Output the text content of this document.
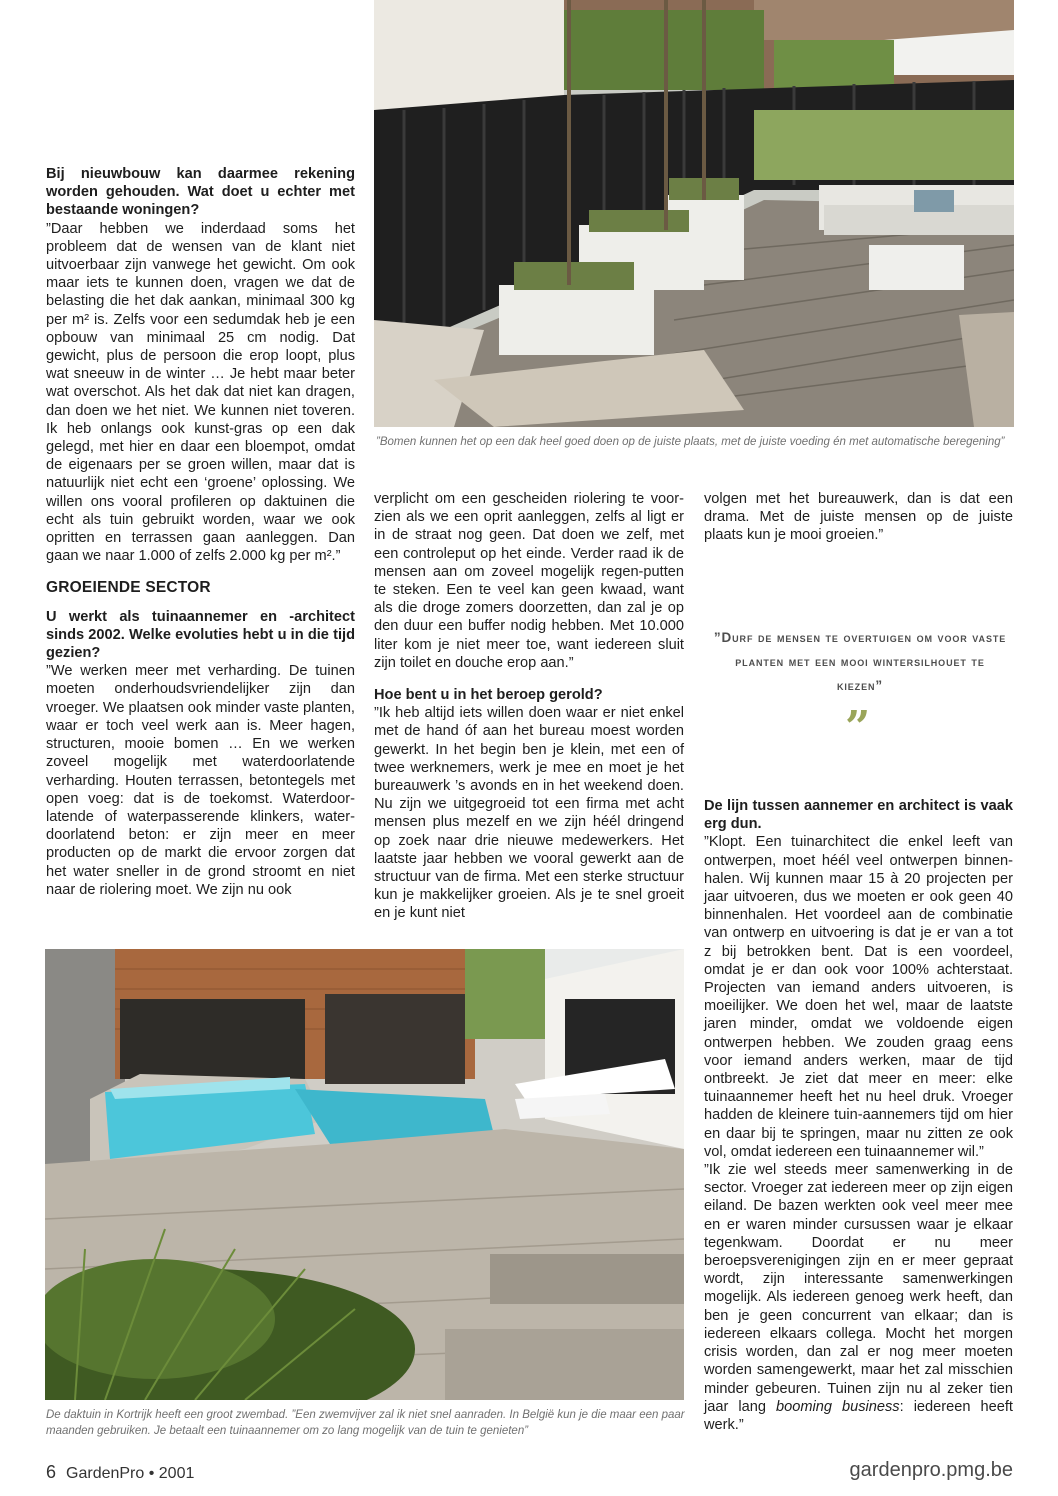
”Bomen kunnen het op een dak heel goed doen op de juiste plaats, met de juiste voeding én met automatische beregening”

Bij nieuwbouw kan daarmee rekening worden gehouden. Wat doet u echter met bestaande woningen?

”Daar hebben we inderdaad soms het probleem dat de wensen van de klant niet uitvoerbaar zijn vanwege het gewicht. Om ook maar iets te kunnen doen, vragen we dat de belasting die het dak aankan, minimaal 300 kg per m² is. Zelfs voor een sedumdak heb je een opbouw van minimaal 25 cm nodig. Dat gewicht, plus de persoon die erop loopt, plus wat sneeuw in de winter … Je hebt maar beter wat overschot. Als het dak dat niet kan dragen, dan doen we het niet. We kunnen niet toveren. Ik heb onlangs ook kunst-gras op een dak gelegd, met hier en daar een bloempot, omdat de eigenaars per se groen willen, maar dat is natuurlijk niet echt een ‘groene’ oplossing. We willen ons vooral profileren op daktuinen die echt als tuin gebruikt worden, waar we ook opritten en terrassen gaan aanleggen. Dan gaan we naar 1.000 of zelfs 2.000 kg per m².”

GROEIENDE SECTOR

U werkt als tuinaannemer en -architect sinds 2002. Welke evoluties hebt u in die tijd gezien?

”We werken meer met verharding. De tuinen moeten onderhoudsvriendelijker zijn dan vroeger. We plaatsen ook minder vaste planten, waar er toch veel werk aan is. Meer hagen, structuren, mooie bomen … En we werken zoveel mogelijk met waterdoorlatende verharding. Houten terrassen, betontegels met open voeg: dat is de toekomst. Waterdoor-latende of waterpasserende klinkers, water-doorlatend beton: er zijn meer en meer producten op de markt die ervoor zorgen dat het water sneller in de grond stroomt en niet naar de riolering moet. We zijn nu ook

verplicht om een gescheiden riolering te voor-zien als we een oprit aanleggen, zelfs al ligt er in de straat nog geen. Dat doen we zelf, met een controleput op het einde. Verder raad ik de mensen aan om zoveel mogelijk regen-putten te steken. Een te veel kan geen kwaad, want als die droge zomers doorzetten, dan zal je op den duur een buffer nodig hebben. Met 10.000 liter kom je niet meer toe, want iedereen sluit zijn toilet en douche erop aan.”

Hoe bent u in het beroep gerold?

”Ik heb altijd iets willen doen waar er niet enkel met de hand óf aan het bureau moest worden gewerkt. In het begin ben je klein, met een of twee werknemers, werk je mee en moet je het bureauwerk ’s avonds en in het weekend doen. Nu zijn we uitgegroeid tot een firma met acht mensen plus mezelf en we zijn héél dringend op zoek naar drie nieuwe medewerkers. Het laatste jaar hebben we vooral gewerkt aan de structuur van de firma. Met een sterke structuur kun je makkelijker groeien. Als je te snel groeit en je kunt niet

volgen met het bureauwerk, dan is dat een drama. Met de juiste mensen op de juiste plaats kun je mooi groeien.”

”Durf de mensen te overtuigen om voor vaste planten met een mooi wintersilhouet te kiezen”
”

De lijn tussen aannemer en architect is vaak erg dun.

”Klopt. Een tuinarchitect die enkel leeft van ontwerpen, moet héél veel ontwerpen binnen-halen. Wij kunnen maar 15 à 20 projecten per jaar uitvoeren, dus we moeten er ook geen 40 binnenhalen. Het voordeel aan de combinatie van ontwerp en uitvoering is dat je er van a tot z bij betrokken bent. Dat is een voordeel, omdat je er dan ook voor 100% achterstaat. Projecten van iemand anders uitvoeren, is moeilijker. We doen het wel, maar de laatste jaren minder, omdat we voldoende eigen ontwerpen hebben. We zouden graag eens voor iemand anders werken, maar de tijd ontbreekt. Je ziet dat meer en meer: elke tuinaannemer heeft het nu heel druk. Vroeger hadden de kleinere tuin-aannemers tijd om hier en daar bij te springen, maar nu zitten ze ook vol, omdat iedereen een tuinaannemer wil.”

”Ik zie wel steeds meer samenwerking in de sector. Vroeger zat iedereen meer op zijn eigen eiland. De bazen werkten ook veel meer mee en er waren minder cursussen waar je elkaar tegenkwam. Doordat er nu meer beroepsverenigingen zijn en er meer gepraat wordt, zijn interessante samenwerkingen mogelijk. Als iedereen genoeg werk heeft, dan ben je geen concurrent van elkaar; dan is iedereen elkaars collega. Mocht het morgen crisis worden, dan zal er nog meer moeten worden samengewerkt, maar het zal misschien minder gebeuren. Tuinen zijn nu al zeker tien jaar lang booming business: iedereen heeft werk.”

De daktuin in Kortrijk heeft een groot zwembad. ”Een zwemvijver zal ik niet snel aanraden. In België kun je die maar een paar maanden gebruiken. Je betaalt een tuinaannemer om zo lang mogelijk van de tuin te genieten”
6 GardenPro • 2001	gardenpro.pmg.be
